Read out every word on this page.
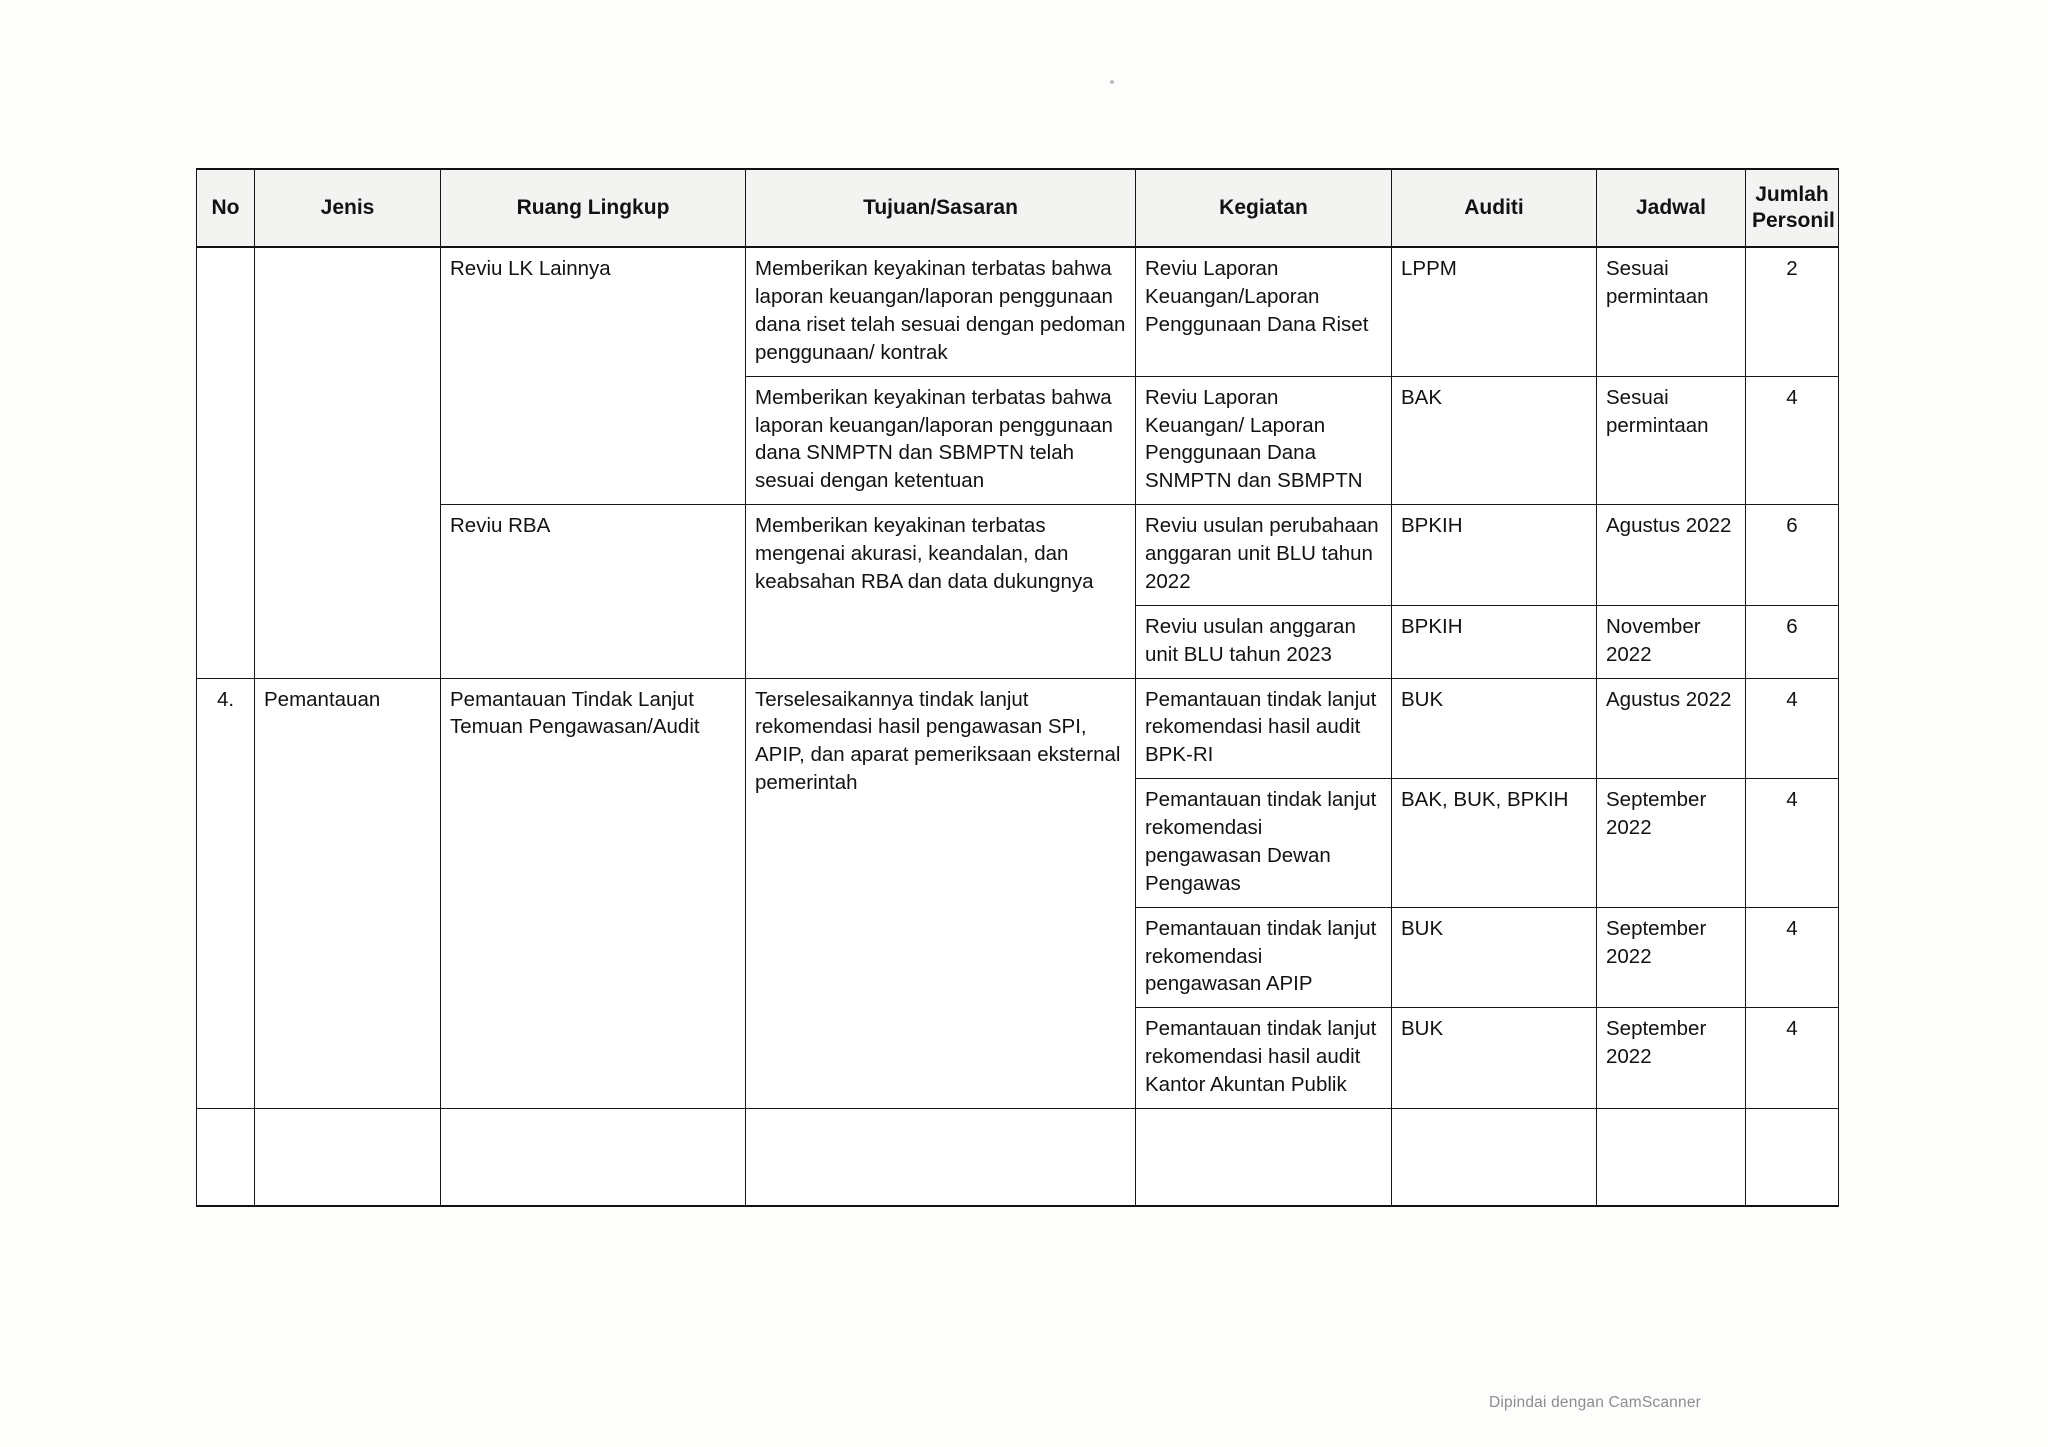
No	Jenis	Ruang Lingkup	Tujuan/Sasaran	Kegiatan	Auditi	Jadwal	Jumlah
Personil
		Reviu LK Lainnya	Memberikan keyakinan terbatas bahwa laporan keuangan/laporan penggunaan dana riset telah sesuai dengan pedoman penggunaan/ kontrak	Reviu Laporan Keuangan/Laporan Penggunaan Dana Riset	LPPM	Sesuai permintaan	2
			Memberikan keyakinan terbatas bahwa laporan keuangan/laporan penggunaan dana SNMPTN dan SBMPTN telah sesuai dengan ketentuan	Reviu Laporan Keuangan/ Laporan Penggunaan Dana SNMPTN dan SBMPTN	BAK	Sesuai permintaan	4
		Reviu RBA	Memberikan keyakinan terbatas mengenai akurasi, keandalan, dan keabsahan RBA dan data dukungnya	Reviu usulan perubahaan anggaran unit BLU tahun 2022	BPKIH	Agustus 2022	6
				Reviu usulan anggaran unit BLU tahun 2023	BPKIH	November 2022	6
4.	Pemantauan	Pemantauan Tindak Lanjut Temuan Pengawasan/Audit	Terselesaikannya tindak lanjut rekomendasi hasil pengawasan SPI, APIP, dan aparat pemeriksaan eksternal pemerintah	Pemantauan tindak lanjut rekomendasi hasil audit BPK-RI	BUK	Agustus 2022	4
				Pemantauan tindak lanjut rekomendasi pengawasan Dewan Pengawas	BAK, BUK, BPKIH	September 2022	4
				Pemantauan tindak lanjut rekomendasi pengawasan APIP	BUK	September 2022	4
				Pemantauan tindak lanjut rekomendasi hasil audit Kantor Akuntan Publik	BUK	September 2022	4

Dipindai dengan CamScanner
